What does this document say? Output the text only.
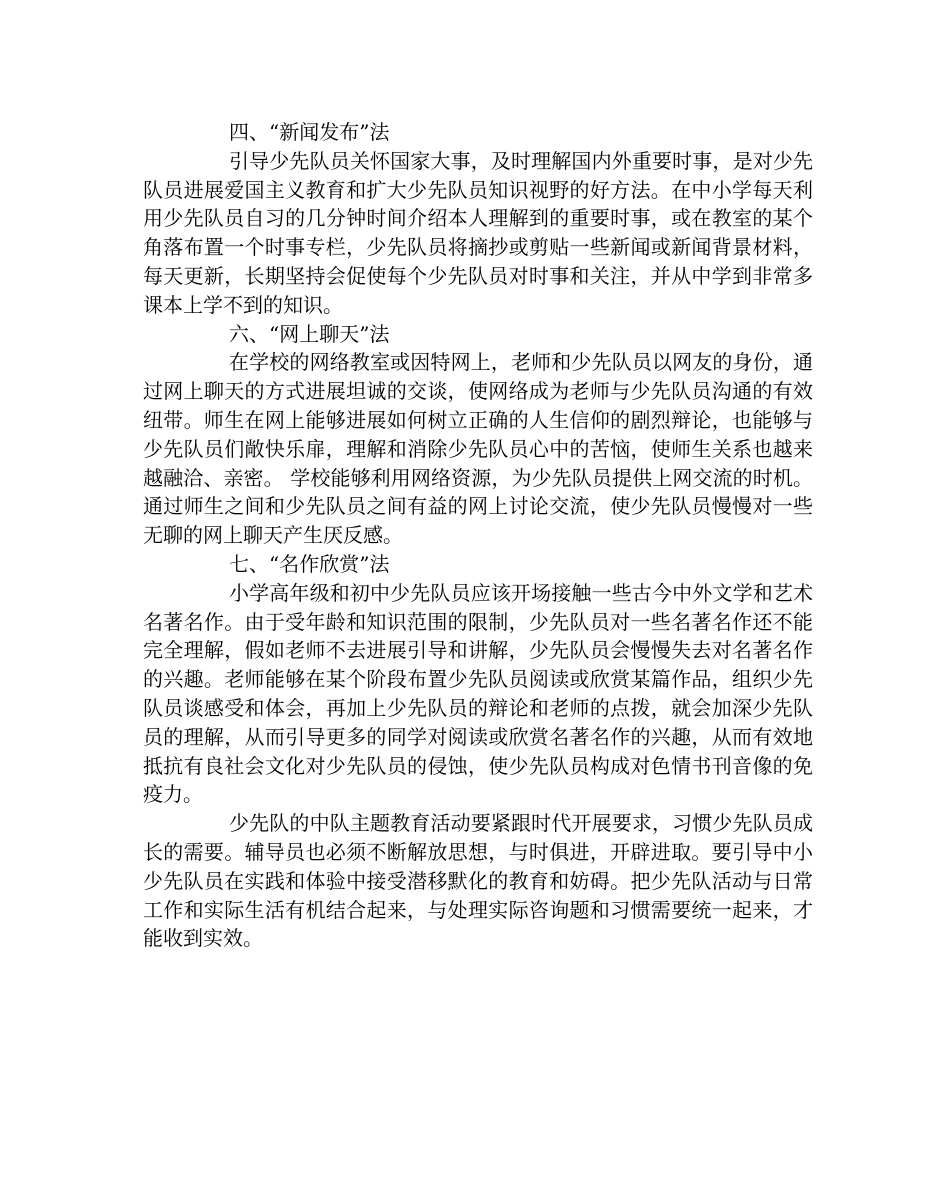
四、“新闻发布”法

引导少先队员关怀国家大事，及时理解国内外重要时事，是对少先队员进展爱国主义教育和扩大少先队员知识视野的好方法。在中小学每天利用少先队员自习的几分钟时间介绍本人理解到的重要时事，或在教室的某个角落布置一个时事专栏，少先队员将摘抄或剪贴一些新闻或新闻背景材料，每天更新，长期坚持会促使每个少先队员对时事和关注，并从中学到非常多课本上学不到的知识。

六、“网上聊天”法

在学校的网络教室或因特网上，老师和少先队员以网友的身份，通过网上聊天的方式进展坦诚的交谈，使网络成为老师与少先队员沟通的有效纽带。师生在网上能够进展如何树立正确的人生信仰的剧烈辩论，也能够与少先队员们敞快乐扉，理解和消除少先队员心中的苦恼，使师生关系也越来越融洽、亲密。 学校能够利用网络资源，为少先队员提供上网交流的时机。通过师生之间和少先队员之间有益的网上讨论交流，使少先队员慢慢对一些无聊的网上聊天产生厌反感。

七、“名作欣赏”法

小学高年级和初中少先队员应该开场接触一些古今中外文学和艺术名著名作。由于受年龄和知识范围的限制，少先队员对一些名著名作还不能完全理解，假如老师不去进展引导和讲解，少先队员会慢慢失去对名著名作的兴趣。老师能够在某个阶段布置少先队员阅读或欣赏某篇作品，组织少先队员谈感受和体会，再加上少先队员的辩论和老师的点拨，就会加深少先队员的理解，从而引导更多的同学对阅读或欣赏名著名作的兴趣，从而有效地抵抗有良社会文化对少先队员的侵蚀，使少先队员构成对色情书刊音像的免疫力。

少先队的中队主题教育活动要紧跟时代开展要求，习惯少先队员成长的需要。辅导员也必须不断解放思想，与时俱进，开辟进取。要引导中小少先队员在实践和体验中接受潜移默化的教育和妨碍。把少先队活动与日常工作和实际生活有机结合起来，与处理实际咨询题和习惯需要统一起来，才能收到实效。
